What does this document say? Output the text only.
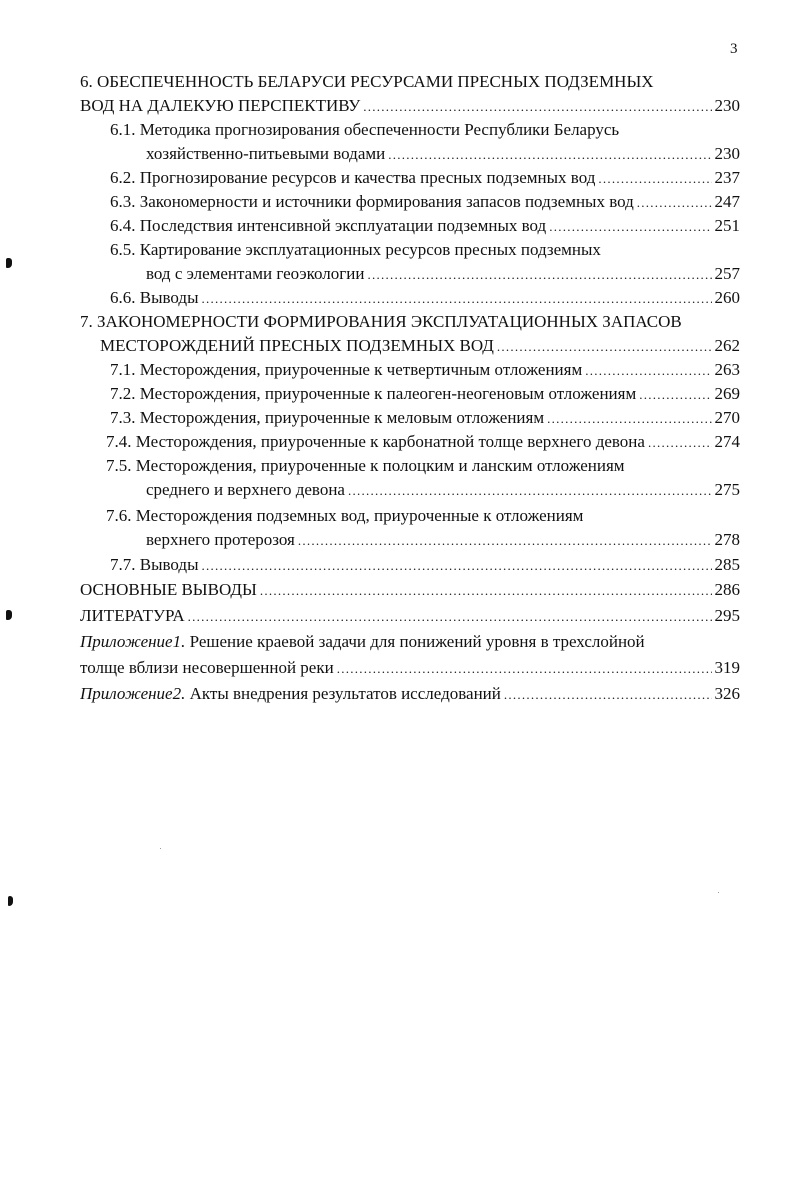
3
6. ОБЕСПЕЧЕННОСТЬ БЕЛАРУСИ РЕСУРСАМИ ПРЕСНЫХ ПОДЗЕМНЫХ
ВОД НА ДАЛЕКУЮ ПЕРСПЕКТИВУ . . .	230
6.1. Методика прогнозирования обеспеченности Республики Беларусь
хозяйственно-питьевыми водами . . .	230
6.2. Прогнозирование ресурсов и качества пресных подземных вод . . .	237
6.3. Закономерности и источники формирования запасов подземных вод . . .	247
6.4. Последствия интенсивной эксплуатации подземных вод . . .	251
6.5. Картирование эксплуатационных ресурсов пресных подземных
вод с элементами геоэкологии . . .	257
6.6. Выводы . . .	260
7. ЗАКОНОМЕРНОСТИ ФОРМИРОВАНИЯ ЭКСПЛУАТАЦИОННЫХ ЗАПАСОВ
МЕСТОРОЖДЕНИЙ ПРЕСНЫХ ПОДЗЕМНЫХ ВОД . . .	262
7.1. Месторождения, приуроченные к четвертичным отложениям . . .	263
7.2. Месторождения, приуроченные к палеоген-неогеновым отложениям . . .	269
7.3. Месторождения, приуроченные к меловым отложениям . . .	270
7.4. Месторождения, приуроченные к карбонатной толще верхнего девона . . .	274
7.5. Месторождения, приуроченные к полоцким и ланским отложениям
среднего и верхнего девона . . .	275
7.6. Месторождения подземных вод, приуроченные к отложениям
верхнего протерозоя . . .	278
7.7. Выводы . . .	285
ОСНОВНЫЕ ВЫВОДЫ . . .	286
ЛИТЕРАТУРА . . .	295
Приложение1. Решение краевой задачи для понижений уровня в трехслойной
толще вблизи несовершенной реки . . .	319
Приложение2. Акты внедрения результатов исследований . . .	326
